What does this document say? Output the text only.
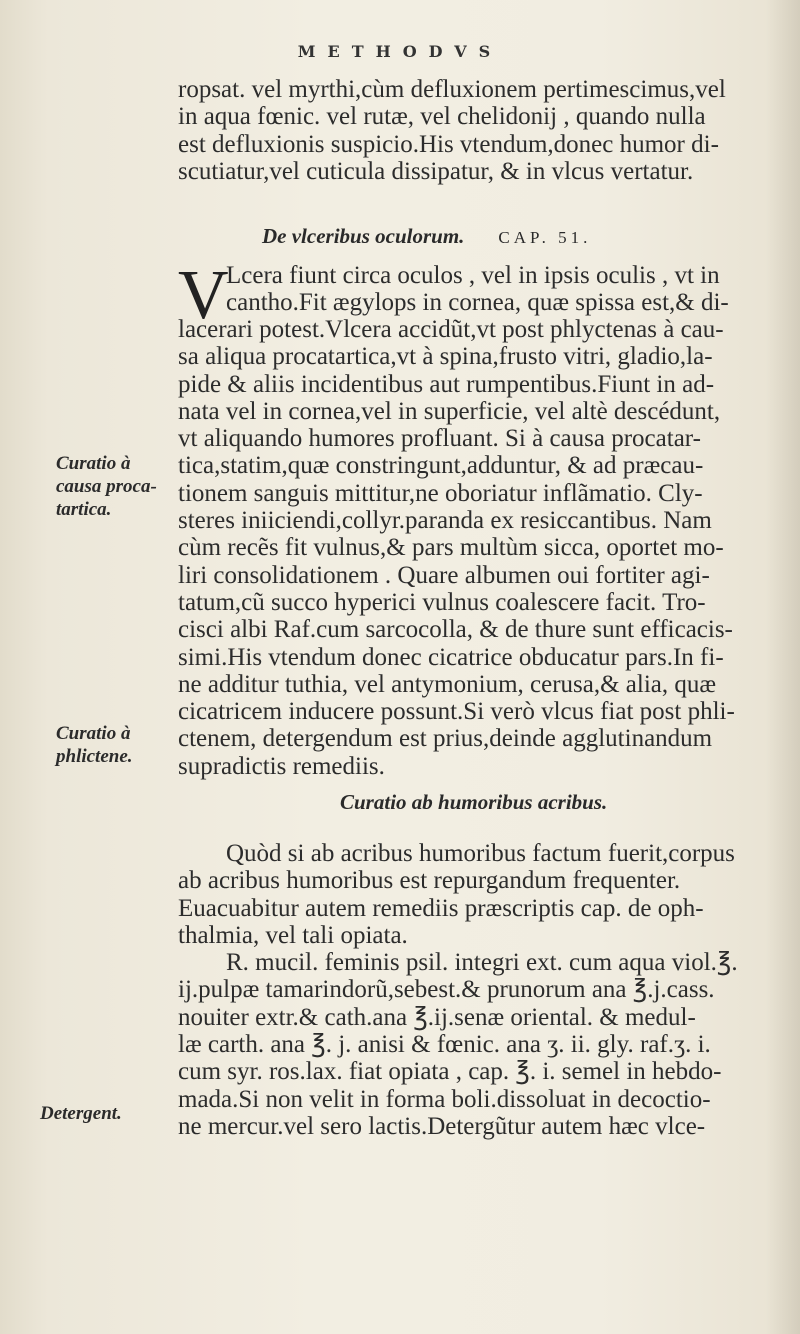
METHODVS
ropsat. vel myrthi,cùm defluxionem pertimescimus,vel
in aqua fœnic. vel rutæ, vel chelidonij , quando nulla
est defluxionis suspicio.His vtendum,donec humor di-
scutiatur,vel cuticula dissipatur, & in vlcus vertatur.
De vlceribus oculorum. CAP. 51.
V
Lcera fiunt circa oculos , vel in ipsis oculis , vt in
cantho.Fit ægylops in cornea, quæ spissa est,& di-
lacerari potest.Vlcera accidũt,vt post phlyctenas à cau-
sa aliqua procatartica,vt à spina,frusto vitri, gladio,la-
pide & aliis incidentibus aut rumpentibus.Fiunt in ad-
nata vel in cornea,vel in superficie, vel altè descédunt,
vt aliquando humores profluant. Si à causa procatar-
tica,statim,quæ constringunt,adduntur, & ad præcau-
tionem sanguis mittitur,ne oboriatur inflãmatio. Cly-
steres iniiciendi,collyr.paranda ex resiccantibus. Nam
cùm recẽs fit vulnus,& pars multùm sicca, oportet mo-
liri consolidationem . Quare albumen oui fortiter agi-
tatum,cũ succo hyperici vulnus coalescere facit. Tro-
cisci albi Raf.cum sarcocolla, & de thure sunt efficacis-
simi.His vtendum donec cicatrice obducatur pars.In fi-
ne additur tuthia, vel antymonium, cerusa,& alia, quæ
cicatricem inducere possunt.Si verò vlcus fiat post phli-
ctenem, detergendum est prius,deinde agglutinandum
supradictis remediis.
Curatio ab humoribus acribus.
Quòd si ab acribus humoribus factum fuerit,corpus
ab acribus humoribus est repurgandum frequenter.
Euacuabitur autem remediis præscriptis cap. de oph-
thalmia, vel tali opiata.
R. mucil. feminis psil. integri ext. cum aqua viol.℥.
ij.pulpæ tamarindorũ,sebest.& prunorum ana ℥.j.cass.
nouiter extr.& cath.ana ℥.ij.senæ oriental. & medul-
læ carth. ana ℥. j. anisi & fœnic. ana ʒ. ii. gly. raf.ʒ. i.
cum syr. ros.lax. fiat opiata , cap. ℥. i. semel in hebdo-
mada.Si non velit in forma boli.dissoluat in decoctio-
ne mercur.vel sero lactis.Detergũtur autem hæc vlce-
Curatio à
causa proca-
tartica.
Curatio à
phlictene.
Detergent.
